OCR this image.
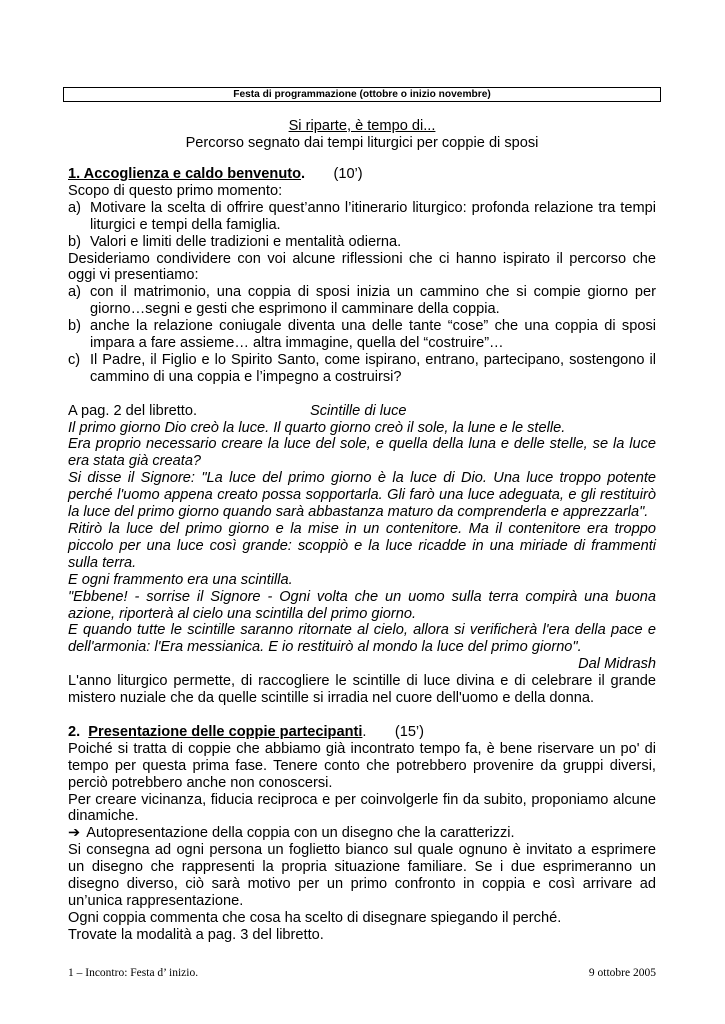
Festa di programmazione (ottobre o inizio novembre)
Si riparte, è tempo di...
Percorso segnato dai tempi liturgici per coppie di sposi

1. Accoglienza e caldo benvenuto. (10’)

Scopo di questo primo momento:

a) Motivare la scelta di offrire quest’anno l’itinerario liturgico: profonda relazione tra tempi liturgici e tempi della famiglia.
b) Valori e limiti delle tradizioni e mentalità odierna.

Desideriamo condividere con voi alcune riflessioni che ci hanno ispirato il percorso che oggi vi presentiamo:

a) con il matrimonio, una coppia di sposi inizia un cammino che si compie giorno per giorno…segni e gesti che esprimono il camminare della coppia.
b) anche la relazione coniugale diventa una delle tante “cose” che una coppia di sposi impara a fare assieme… altra immagine, quella del “costruire”…
c) Il Padre, il Figlio e lo Spirito Santo, come ispirano, entrano, partecipano, sostengono il cammino di una coppia e l’impegno a costruirsi?

A pag. 2 del libretto.	Scintille di luce

Il primo giorno Dio creò la luce. Il quarto giorno creò il sole, la lune e le stelle.

Era proprio necessario creare la luce del sole, e quella della luna e delle stelle, se la luce era stata già creata?

Si disse il Signore: "La luce del primo giorno è la luce di Dio. Una luce troppo potente perché l'uomo appena creato possa sopportarla. Gli farò una luce adeguata, e gli restituirò la luce del primo giorno quando sarà abbastanza maturo da comprenderla e apprezzarla".

Ritirò la luce del primo giorno e la mise in un contenitore. Ma il contenitore era troppo piccolo per una luce così grande: scoppiò e la luce ricadde in una miriade di frammenti sulla terra.

E ogni frammento era una scintilla.

"Ebbene! - sorrise il Signore - Ogni volta che un uomo sulla terra compirà una buona azione, riporterà al cielo una scintilla del primo giorno.

E quando tutte le scintille saranno ritornate al cielo, allora si verificherà l'era della pace e dell'armonia: l'Era messianica. E io restituirò al mondo la luce del primo giorno".

Dal Midrash

L'anno liturgico permette, di raccogliere le scintille di luce divina e di celebrare il grande mistero nuziale che da quelle scintille si irradia nel cuore dell'uomo e della donna.

2. Presentazione delle coppie partecipanti.       (15’)

Poiché si tratta di coppie che abbiamo già incontrato tempo fa, è bene riservare un po' di tempo per questa prima fase. Tenere conto che potrebbero provenire da gruppi diversi, perciò potrebbero anche non conoscersi.

Per creare vicinanza, fiducia reciproca e per coinvolgerle fin da subito, proponiamo alcune dinamiche.

➔ Autopresentazione della coppia con un disegno che la caratterizzi.

Si consegna ad ogni persona un foglietto bianco sul quale ognuno è invitato a esprimere un disegno che rappresenti la propria situazione familiare. Se i due esprimeranno un disegno diverso, ciò sarà motivo per un primo confronto in coppia e così arrivare ad un’unica rappresentazione.

Ogni coppia commenta che cosa ha scelto di disegnare spiegando il perché.

Trovate la modalità a pag. 3 del libretto.

1 – Incontro: Festa d’ inizio.	9 ottobre 2005
